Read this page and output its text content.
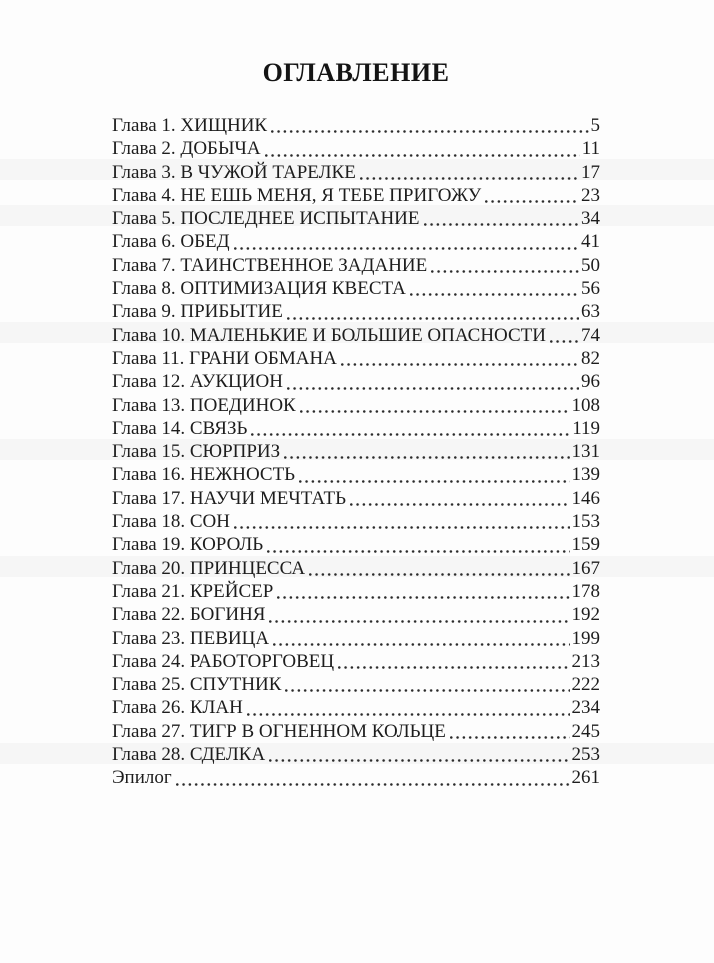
ОГЛАВЛЕНИЕ
Глава 1. ХИЩНИК	5
Глава 2. ДОБЫЧА	11
Глава 3. В ЧУЖОЙ ТАРЕЛКЕ	17
Глава 4. НЕ ЕШЬ МЕНЯ, Я ТЕБЕ ПРИГОЖУ	23
Глава 5. ПОСЛЕДНЕЕ ИСПЫТАНИЕ	34
Глава 6. ОБЕД	41
Глава 7. ТАИНСТВЕННОЕ ЗАДАНИЕ	50
Глава 8. ОПТИМИЗАЦИЯ КВЕСТА	56
Глава 9. ПРИБЫТИЕ	63
Глава 10. МАЛЕНЬКИЕ И БОЛЬШИЕ ОПАСНОСТИ 74
Глава 11. ГРАНИ ОБМАНА	82
Глава 12. АУКЦИОН	96
Глава 13. ПОЕДИНОК	108
Глава 14. СВЯЗЬ	119
Глава 15. СЮРПРИЗ	131
Глава 16. НЕЖНОСТЬ	139
Глава 17. НАУЧИ МЕЧТАТЬ	146
Глава 18. СОН	153
Глава 19. КОРОЛЬ	159
Глава 20. ПРИНЦЕССА	167
Глава 21. КРЕЙСЕР	178
Глава 22. БОГИНЯ	192
Глава 23. ПЕВИЦА	199
Глава 24. РАБОТОРГОВЕЦ	213
Глава 25. СПУТНИК	222
Глава 26. КЛАН	234
Глава 27. ТИГР В ОГНЕННОМ КОЛЬЦЕ	245
Глава 28. СДЕЛКА	253
Эпилог	261
